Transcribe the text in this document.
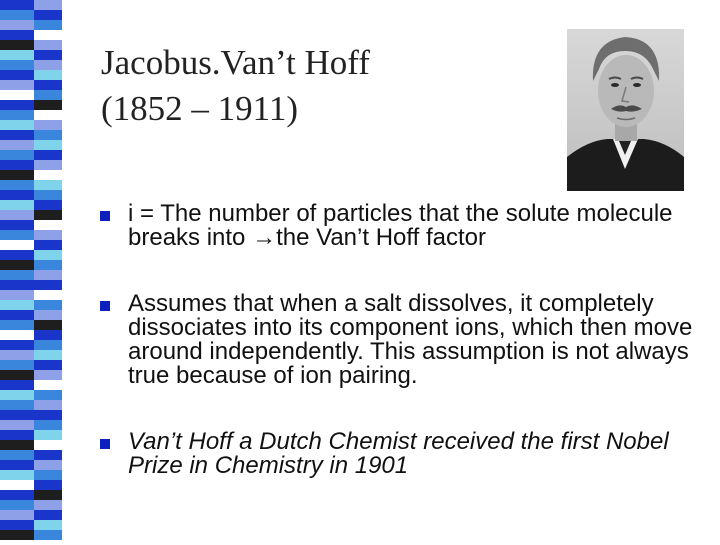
Jacobus.Van’t Hoff
(1852 – 1911)
i = The number of particles that the solute molecule breaks into →the Van’t Hoff factor
Assumes that when a salt dissolves, it completely dissociates into its component ions, which then move around independently. This assumption is not always true because of ion pairing.
Van’t Hoff a Dutch Chemist received the first Nobel Prize in Chemistry in 1901
